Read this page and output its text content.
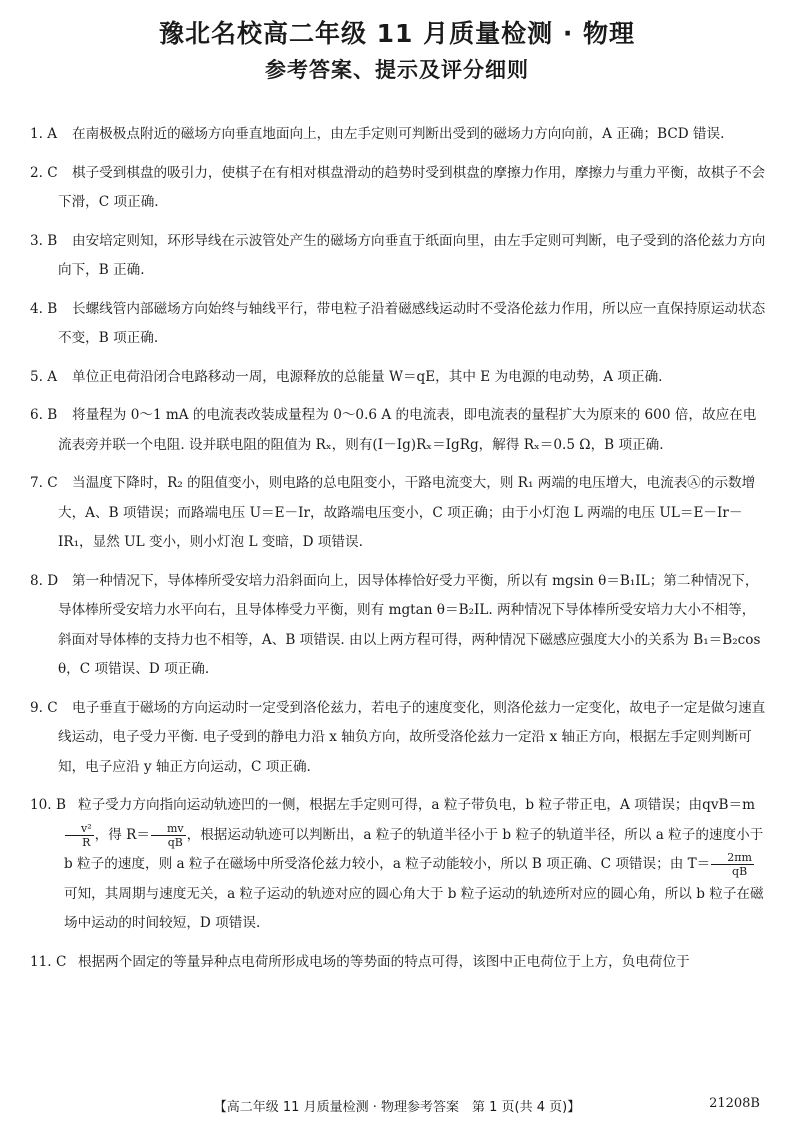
豫北名校高二年级 11 月质量检测 · 物理
参考答案、提示及评分细则
1. A	在南极极点附近的磁场方向垂直地面向上，由左手定则可判断出受到的磁场力方向向前，A 正确；BCD 错误.
2. C	棋子受到棋盘的吸引力，使棋子在有相对棋盘滑动的趋势时受到棋盘的摩擦力作用，摩擦力与重力平衡，故棋子不会下滑，C 项正确.
3. B	由安培定则知，环形导线在示波管处产生的磁场方向垂直于纸面向里，由左手定则可判断，电子受到的洛伦兹力方向向下，B 正确.
4. B	长螺线管内部磁场方向始终与轴线平行，带电粒子沿着磁感线运动时不受洛伦兹力作用，所以应一直保持原运动状态不变，B 项正确.
5. A	单位正电荷沿闭合电路移动一周，电源释放的总能量 W＝qE，其中 E 为电源的电动势，A 项正确.
6. B	将量程为 0～1 mA 的电流表改装成量程为 0～0.6 A 的电流表，即电流表的量程扩大为原来的 600 倍，故应在电流表旁并联一个电阻. 设并联电阻的阻值为 Rₓ，则有(I－Ig)Rₓ＝IgRg，解得 Rₓ＝0.5 Ω，B 项正确.
7. C	当温度下降时，R₂ 的阻值变小，则电路的总电阻变小，干路电流变大，则 R₁ 两端的电压增大，电流表Ⓐ的示数增大，A、B 项错误；而路端电压 U＝E－Ir，故路端电压变小，C 项正确；由于小灯泡 L 两端的电压 UL＝E－Ir－IR₁，显然 UL 变小，则小灯泡 L 变暗，D 项错误.
8. D	第一种情况下，导体棒所受安培力沿斜面向上，因导体棒恰好受力平衡，所以有 mgsin θ＝B₁IL；第二种情况下，导体棒所受安培力水平向右，且导体棒受力平衡，则有 mgtan θ＝B₂IL. 两种情况下导体棒所受安培力大小不相等，斜面对导体棒的支持力也不相等，A、B 项错误. 由以上两方程可得，两种情况下磁感应强度大小的关系为 B₁＝B₂cos θ，C 项错误、D 项正确.
9. C	电子垂直于磁场的方向运动时一定受到洛伦兹力，若电子的速度变化，则洛伦兹力一定变化，故电子一定是做匀速直线运动，电子受力平衡. 电子受到的静电力沿 x 轴负方向，故所受洛伦兹力一定沿 x 轴正方向，根据左手定则判断可知，电子应沿 y 轴正方向运动，C 项正确.
10. B 粒子受力方向指向运动轨迹凹的一侧，根据左手定则可得，a 粒子带负电，b 粒子带正电，A 项错误；由qvB＝m
$\frac{\text{v²}}{R}$ ，得 $R= \frac{mv}{qB}$ ，根据运动轨迹可以判断出，a 粒子的轨道半径小于 b 粒子的轨道半径，所以 a 粒子的速度小于 b 粒子的速度，则 a 粒子在磁场中所受洛伦兹力较小，a 粒子动能较小，所以 B 项正确、C 项错误；由 $T= \frac{2\pi m}{qB}$
可知，其周期与速度无关，a 粒子运动的轨迹对应的圆心角大于 b 粒子运动的轨迹所对应的圆心角，所以 b 粒子在磁场中运动的时间较短，D 项错误.
11. C 根据两个固定的等量异种点电荷所形成电场的等势面的特点可得，该图中正电荷位于上方，负电荷位于
【高二年级 11 月质量检测 · 物理参考答案　第 1 页(共 4 页)】	21208B
